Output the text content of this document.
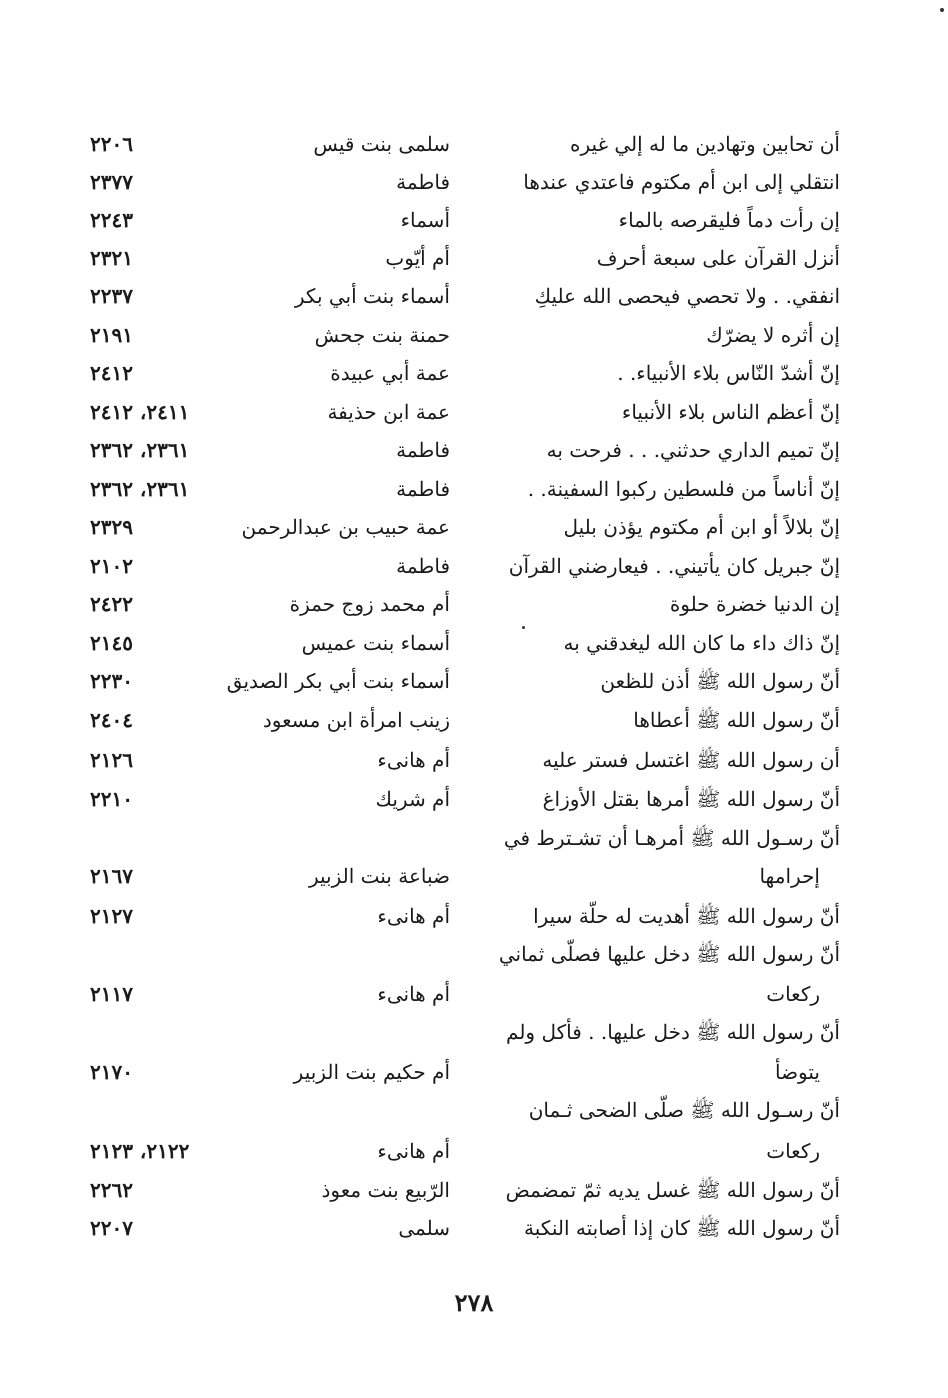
أن تحابين وتهادين ما له إلي غيره
سلمى بنت قيس
٢٢٠٦
انتقلي إلى ابن أم مكتوم فاعتدي عندها
فاطمة
٢٣٧٧
إن رأت دماً فليقرصه بالماء
أسماء
٢٢٤٣
أنزل القرآن على سبعة أحرف
أم أيّوب
٢٣٢١
انفقي. . ولا تحصي فيحصى الله عليكِ
أسماء بنت أبي بكر
٢٢٣٧
إن أثره لا يضرّك
حمنة بنت جحش
٢١٩١
إنّ أشدّ النّاس بلاء الأنبياء. .
عمة أبي عبيدة
٢٤١٢
إنّ أعظم الناس بلاء الأنبياء
عمة ابن حذيفة
٢٤١١، ٢٤١٢
إنّ تميم الداري حدثني. . . فرحت به
فاطمة
٢٣٦١، ٢٣٦٢
إنّ أناساً من فلسطين ركبوا السفينة. .
فاطمة
٢٣٦١، ٢٣٦٢
إنّ بلالاً أو ابن أم مكتوم يؤذن بليل
عمة حبيب بن عبدالرحمن
٢٣٢٩
إنّ جبريل كان يأتيني. . فيعارضني القرآن
فاطمة
٢١٠٢
إن الدنيا خضرة حلوة
أم محمد زوج حمزة
٢٤٢٢
إنّ ذاك داء ما كان الله ليغدقني به
أسماء بنت عميس
٢١٤٥
أنّ رسول الله ﷺ أذن للظعن
أسماء بنت أبي بكر الصديق
٢٢٣٠
أنّ رسول الله ﷺ أعطاها
زينب امرأة ابن مسعود
٢٤٠٤
أن رسول الله ﷺ اغتسل فستر عليه
أم هانىء
٢١٢٦
أنّ رسول الله ﷺ أمرها بقتل الأوزاغ
أم شريك
٢٢١٠
أنّ رسـول الله ﷺ أمرهـا أن تشـترط في
إحرامها
ضباعة بنت الزبير
٢١٦٧
أنّ رسول الله ﷺ أهديت له حلّة سيرا
أم هانىء
٢١٢٧
أنّ رسول الله ﷺ دخل عليها فصلّى ثماني
ركعات
أم هانىء
٢١١٧
أنّ رسول الله ﷺ دخل عليها. . فأكل ولم
يتوضأ
أم حكيم بنت الزبير
٢١٧٠
أنّ رسـول الله ﷺ صلّى الضحى ثـمان
ركعات
أم هانىء
٢١٢٢، ٢١٢٣
أنّ رسول الله ﷺ غسل يديه ثمّ تمضمض
الرّبيع بنت معوذ
٢٢٦٢
أنّ رسول الله ﷺ كان إذا أصابته النكبة
سلمى
٢٢٠٧
٢٧٨
